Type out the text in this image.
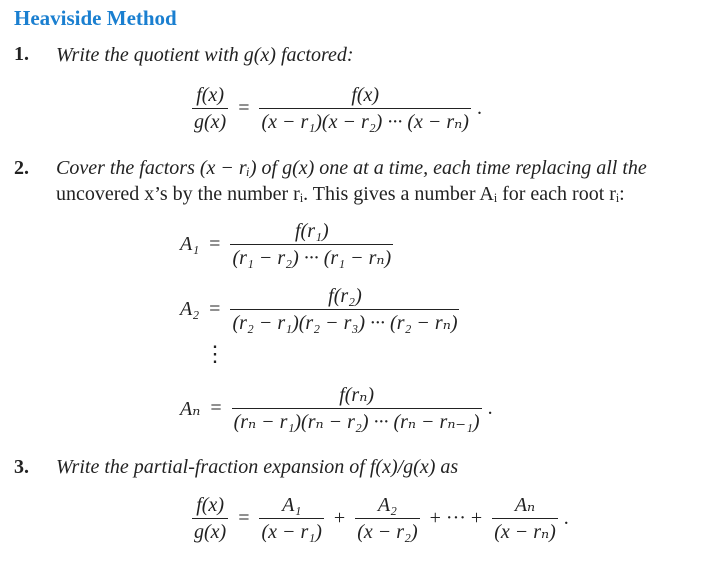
Heaviside Method
1. Write the quotient with g(x) factored:
$\frac{f(x)}{g(x)} = \frac{f(x)}{\text{(x − r₁)(x − r₂) ··· (x − rₙ)}}$ .
2. Cover the factors (x − rᵢ) of g(x) one at a time, each time replacing all the
uncovered x’s by the number rᵢ. This gives a number Aᵢ for each root rᵢ:
$A_1 = \frac{\text{f(r₁)}}{\text{(r₁ − r₂) ··· (r₁ − rₙ)}}$
$A_2 = \frac{\text{f(r₂)}}{\text{(r₂ − r₁)(r₂ − r₃) ··· (r₂ − rₙ)}}$
⋮
$A_n = \frac{\text{f(rₙ)}}{\text{(rₙ − r₁)(rₙ − r₂) ··· (rₙ − rₙ₋₁)}}$ .
3. Write the partial-fraction expansion of f(x)/g(x) as
$\frac{f(x)}{g(x)} = \frac{\text{A₁}}{\text{(x − r₁)}} + \frac{\text{A₂}}{\text{(x − r₂)}}$ + ··· + $\frac{\text{Aₙ}}{\text{(x − rₙ)}}$ .
